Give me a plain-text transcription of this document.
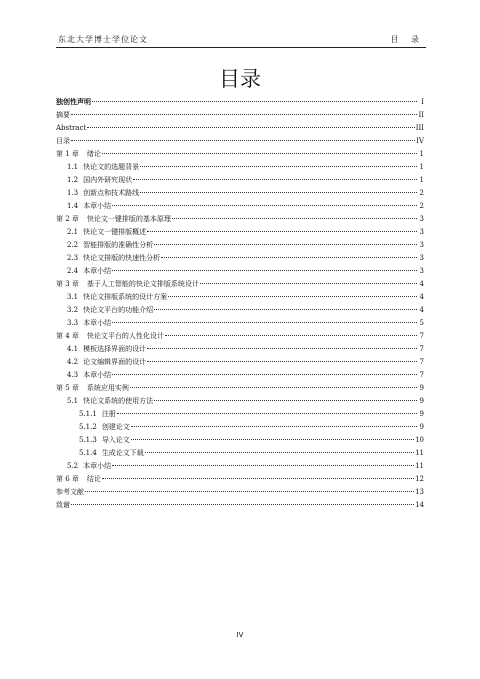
东北大学博士学位论文	目 录
目录
独创性声明	I
摘要	II
Abstract	III
目录	IV
第 1 章 绪论	1
1.1 快论文的选题背景	1
1.2 国内外研究现状	1
1.3 创新点和技术路线	2
1.4 本章小结	2
第 2 章 快论文一键排版的基本原理	3
2.1 快论文一键排版概述	3
2.2 智能排版的准确性分析	3
2.3 快论文排版的快速性分析	3
2.4 本章小结	3
第 3 章 基于人工智能的快论文排版系统设计	4
3.1 快论文排版系统的设计方案	4
3.2 快论文平台的功能介绍	4
3.3 本章小结	5
第 4 章 快论文平台的人性化设计	7
4.1 模板选择界面的设计	7
4.2 论文编辑界面的设计	7
4.3 本章小结	7
第 5 章 系统应用实例	9
5.1 快论文系统的使用方法	9
5.1.1 注册	9
5.1.2 创建论文	9
5.1.3 导入论文	10
5.1.4 生成论文下载	11
5.2 本章小结	11
第 6 章 结论	12
参考文献	13
致谢	14
IV
